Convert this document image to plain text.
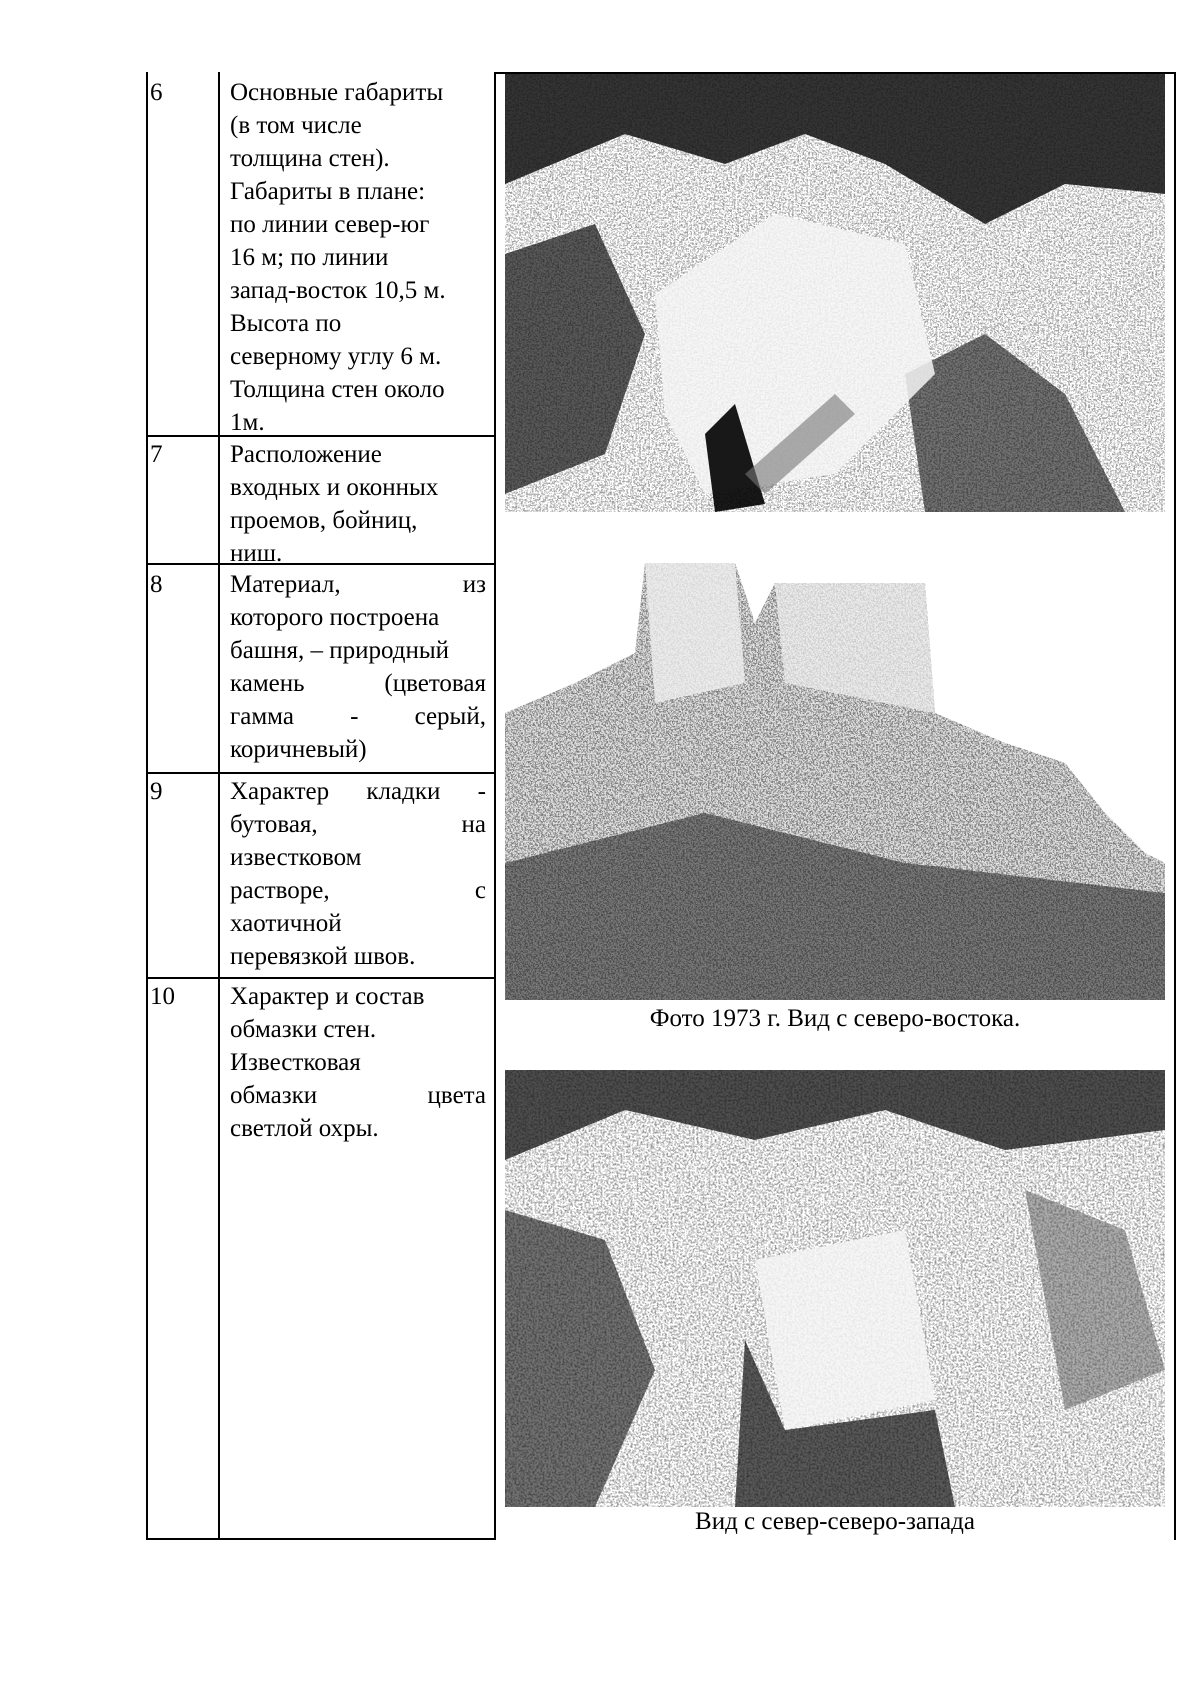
6	Основные габариты
(в том числе
толщина стен).
Габариты в плане:
по линии север-юг
16 м; по линии
запад-восток 10,5 м.
Высота по
северному углу 6 м.
Толщина стен около
1м.
7	Расположение
входных и оконных
проемов, бойниц,
ниш.
8	Материал,	из
которого построена
башня, – природный
камень	(цветовая
гамма - серый,
коричневый)
9	Характер кладки -
бутовая,	на
известковом
растворе,	с
хаотичной
перевязкой швов.
10	Характер и состав
обмазки стен.
Известковая
обмазки	цвета
светлой охры.
Фото 1973 г. Вид с северо-востока.
Вид с север-северо-запада
